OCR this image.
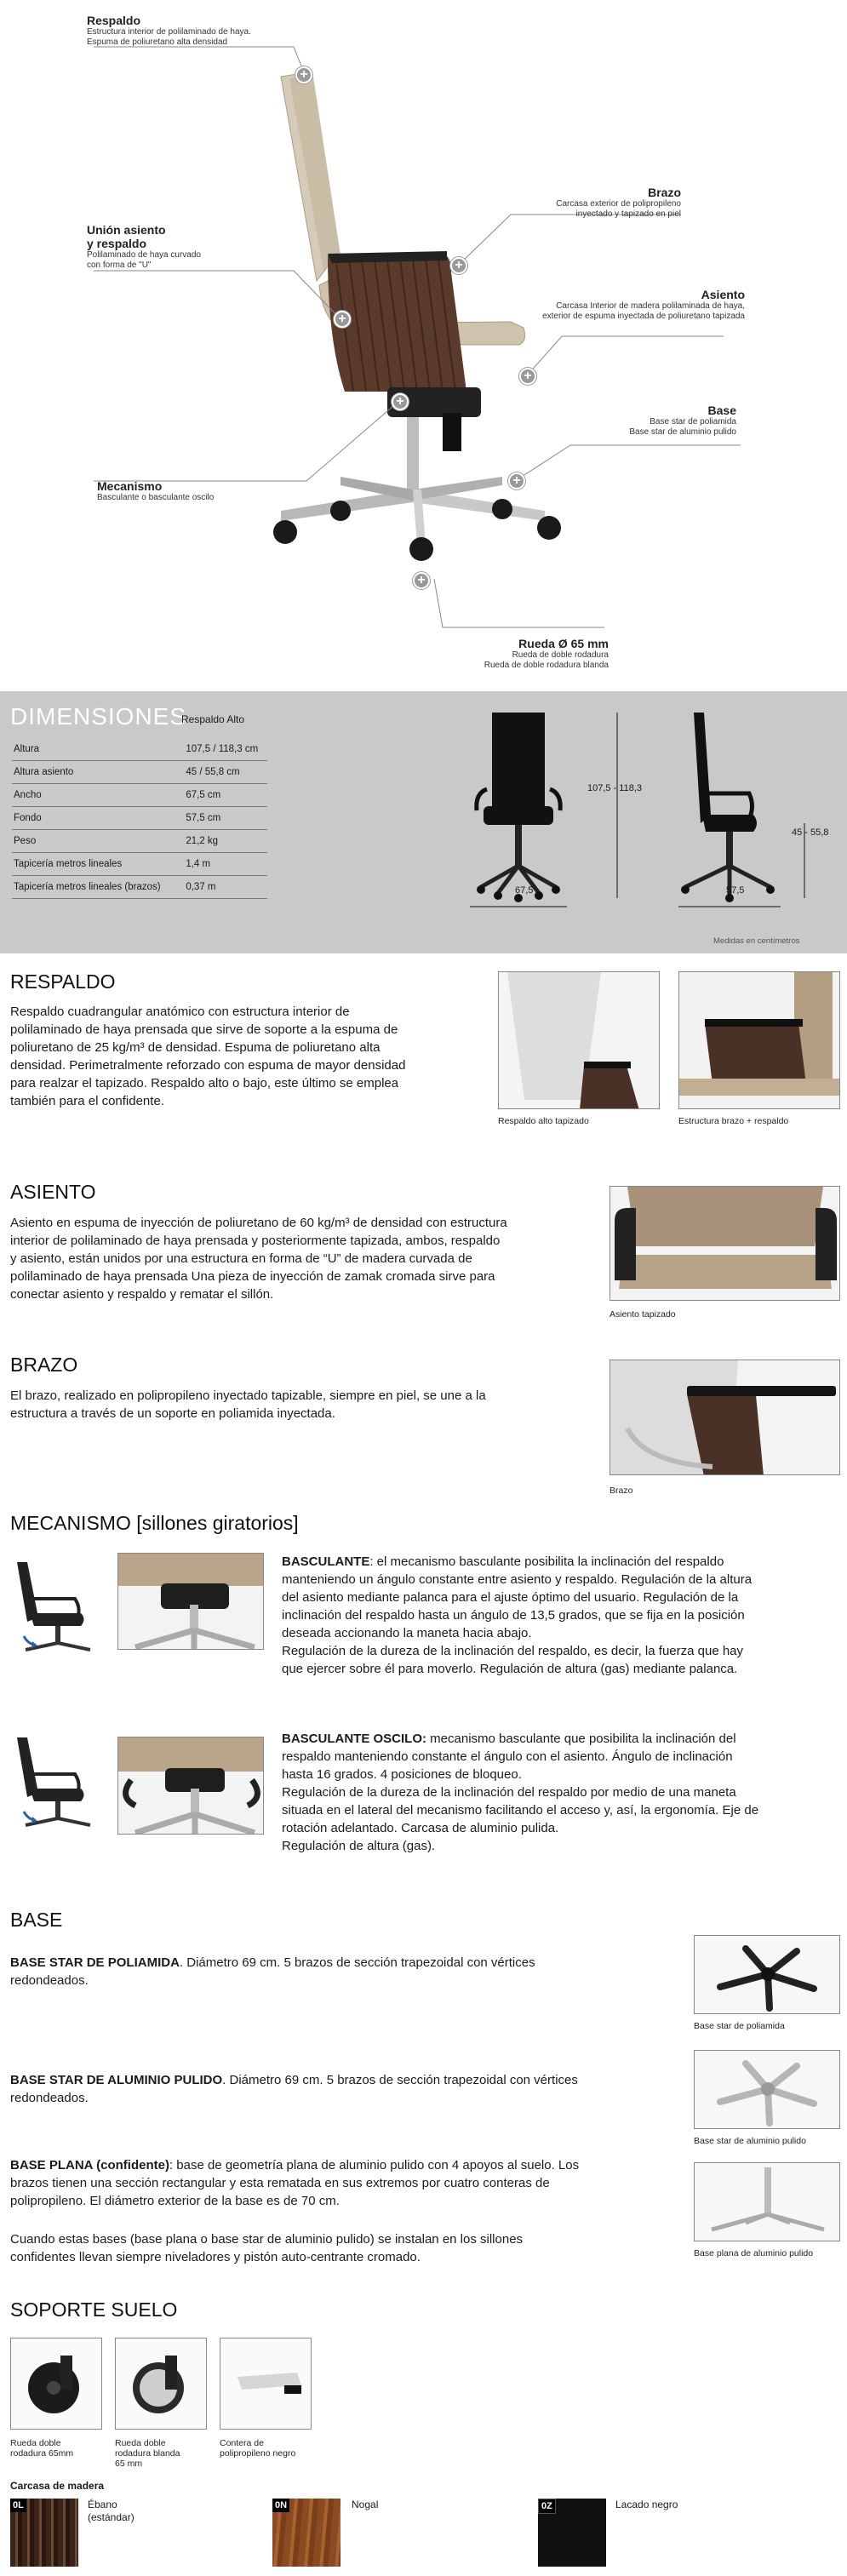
+
+
+
+
+
+
+
Respaldo
Estructura interior de polilaminado de haya.
Espuma de poliuretano alta densidad
Brazo
Carcasa exterior de polipropileno
inyectado y tapizado en piel
Unión asiento
y respaldo
Polilaminado de haya curvado
con forma de "U"
Asiento
Carcasa Interior de madera polilaminada de haya,
exterior de espuma inyectada de poliuretano tapizada
Base
Base star de poliamida
Base star de aluminio pulido
Mecanismo
Basculante o basculante oscilo
Rueda Ø 65 mm
Rueda de doble rodadura
Rueda de doble rodadura blanda
DIMENSIONES
Respaldo Alto
Altura	107,5 / 118,3 cm
Altura asiento	45 / 55,8 cm
Ancho	67,5 cm
Fondo	57,5 cm
Peso	21,2 kg
Tapicería metros lineales	1,4 m
Tapicería metros lineales (brazos)	0,37 m
107,5 - 118,3
67,5	57,5
45 - 55,8
Medidas en centímetros
RESPALDO
Respaldo cuadrangular anatómico con estructura interior de
polilaminado de haya prensada que sirve de soporte a la espuma de
poliuretano de 25 kg/m³ de densidad. Espuma de poliuretano alta
densidad. Perimetralmente reforzado con espuma de mayor densidad
para realzar el tapizado. Respaldo alto o bajo, este último se emplea
también para el confidente.
Respaldo alto tapizado	Estructura brazo + respaldo
ASIENTO
Asiento en espuma de inyección de poliuretano de 60 kg/m³ de densidad con estructura
interior de polilaminado de haya prensada y posteriormente tapizada, ambos, respaldo
y asiento, están unidos por una estructura en forma de “U” de madera curvada de
polilaminado de haya prensada Una pieza de inyección de zamak cromada sirve para
conectar asiento y respaldo y rematar el sillón.
Asiento tapizado
BRAZO
El brazo, realizado en polipropileno inyectado tapizable, siempre en piel, se une a la
estructura a través de un soporte en poliamida inyectada.
Brazo
MECANISMO [sillones giratorios]
BASCULANTE: el mecanismo basculante posibilita la inclinación del respaldo
manteniendo un ángulo constante entre asiento y respaldo. Regulación de la altura
del asiento mediante palanca para el ajuste óptimo del usuario. Regulación de la
inclinación del respaldo hasta un ángulo de 13,5 grados, que se fija en la posición
deseada accionando la maneta hacia abajo.
Regulación de la dureza de la inclinación del respaldo, es decir, la fuerza que hay
que ejercer sobre él para moverlo. Regulación de altura (gas) mediante palanca.
BASCULANTE OSCILO: mecanismo basculante que posibilita la inclinación del
respaldo manteniendo constante el ángulo con el asiento. Ángulo de inclinación
hasta 16 grados. 4 posiciones de bloqueo.
Regulación de la dureza de la inclinación del respaldo por medio de una maneta
situada en el lateral del mecanismo facilitando el acceso y, así, la ergonomía. Eje de
rotación adelantado. Carcasa de aluminio pulida.
Regulación de altura (gas).
BASE
BASE STAR DE POLIAMIDA. Diámetro 69 cm. 5 brazos de sección trapezoidal con vértices
redondeados.
BASE STAR DE ALUMINIO PULIDO. Diámetro 69 cm. 5 brazos de sección trapezoidal con vértices
redondeados.
BASE PLANA (confidente): base de geometría plana de aluminio pulido con 4 apoyos al suelo. Los
brazos tienen una sección rectangular y esta rematada en sus extremos por cuatro conteras de
polipropileno. El diámetro exterior de la base es de 70 cm.
Cuando estas bases (base plana o base star de aluminio pulido) se instalan en los sillones
confidentes llevan siempre niveladores y pistón auto-centrante cromado.
Base star de poliamida
Base star de aluminio pulido
Base plana de aluminio pulido
SOPORTE SUELO
Rueda doble
rodadura 65mm
Rueda doble
rodadura blanda
65 mm
Contera de
polipropileno negro
Carcasa de madera
0L	Ébano
(estándar)
0N	Nogal	0Z	Lacado negro
